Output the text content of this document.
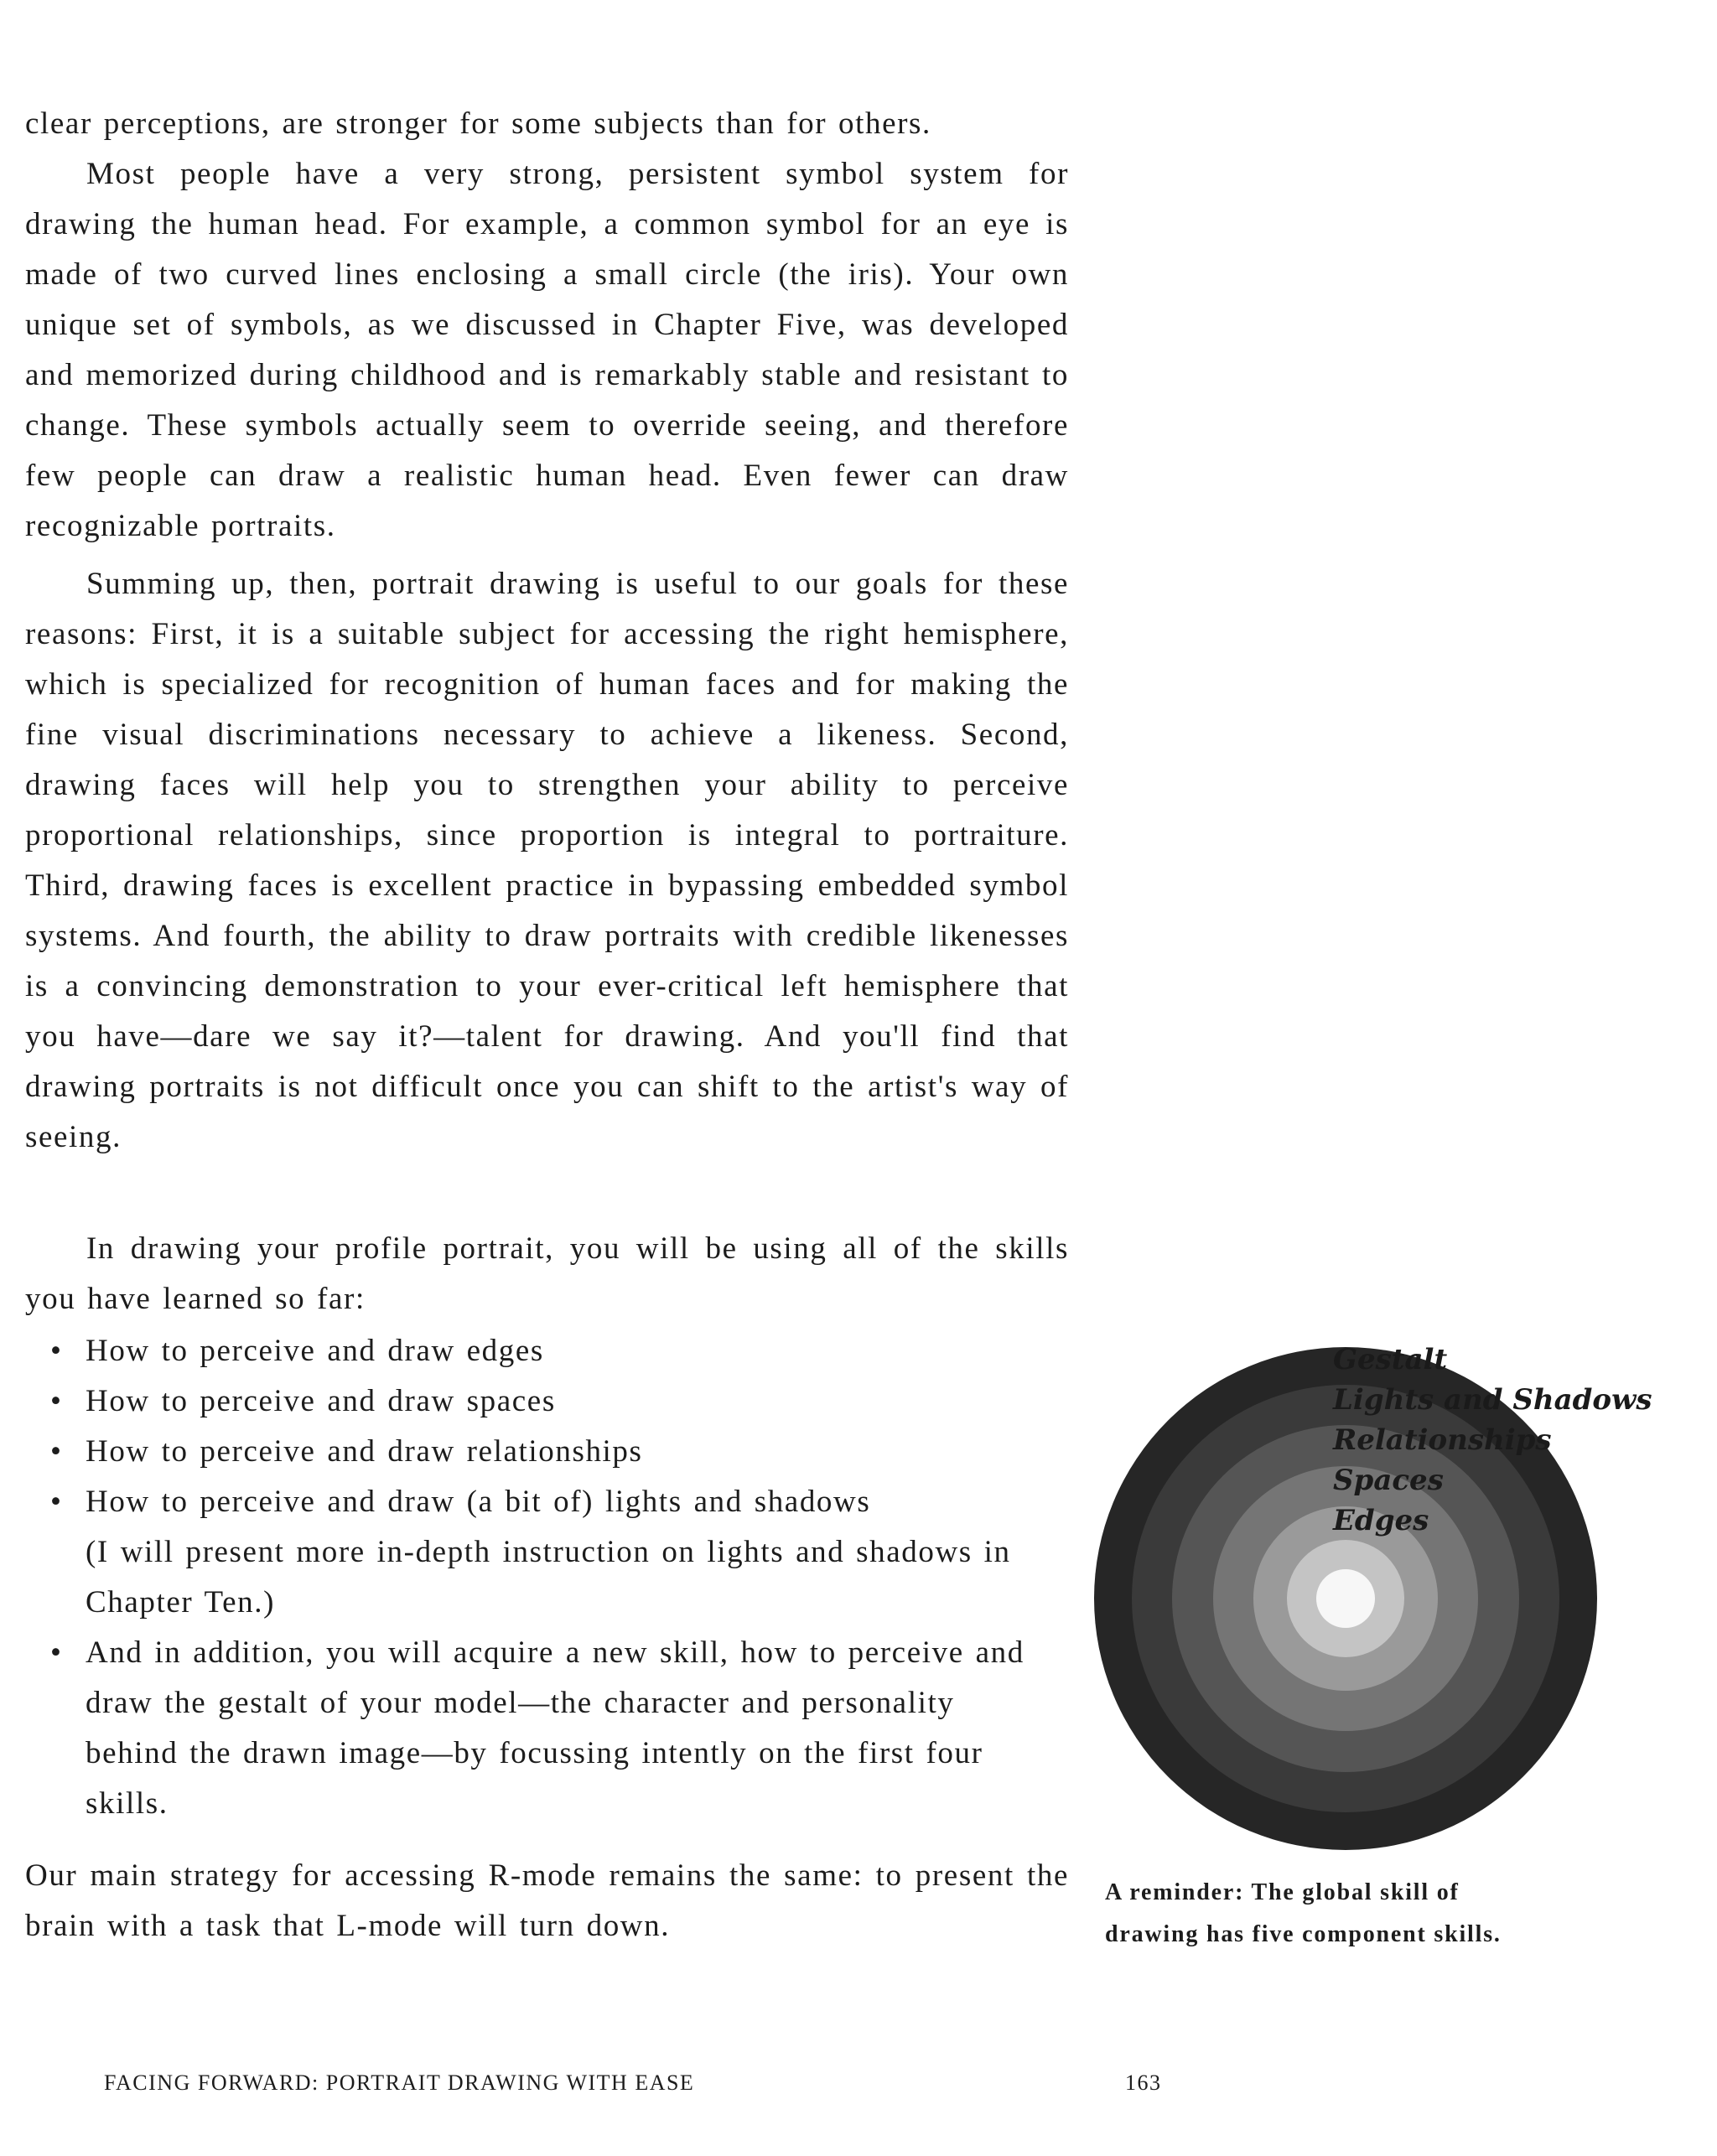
clear perceptions, are stronger for some subjects than for others.

Most people have a very strong, persistent symbol system for drawing the human head. For example, a common symbol for an eye is made of two curved lines enclosing a small circle (the iris). Your own unique set of symbols, as we discussed in Chapter Five, was developed and memorized during childhood and is remarkably stable and resistant to change. These symbols actually seem to override seeing, and therefore few people can draw a realistic human head. Even fewer can draw recognizable portraits.

Summing up, then, portrait drawing is useful to our goals for these reasons: First, it is a suitable subject for accessing the right hemisphere, which is specialized for recognition of human faces and for making the fine visual discriminations necessary to achieve a likeness. Second, drawing faces will help you to strengthen your ability to perceive proportional relationships, since proportion is integral to portraiture. Third, drawing faces is excellent practice in bypassing embedded symbol systems. And fourth, the ability to draw portraits with credible likenesses is a convincing demonstration to your ever-critical left hemisphere that you have—dare we say it?—talent for drawing. And you'll find that drawing portraits is not difficult once you can shift to the artist's way of seeing.

In drawing your profile portrait, you will be using all of the skills you have learned so far:

• How to perceive and draw edges
• How to perceive and draw spaces
• How to perceive and draw relationships
• How to perceive and draw (a bit of) lights and shadows
(I will present more in-depth instruction on lights and shadows in Chapter Ten.)
• And in addition, you will acquire a new skill, how to perceive and draw the gestalt of your model—the character and personality behind the drawn image—by focussing intently on the first four skills.

Our main strategy for accessing R-mode remains the same: to present the brain with a task that L-mode will turn down.

Gestalt
Lights and Shadows
Relationships
Spaces
Edges
A reminder: The global skill of
drawing has five component skills.
FACING FORWARD: PORTRAIT DRAWING WITH EASE	163
